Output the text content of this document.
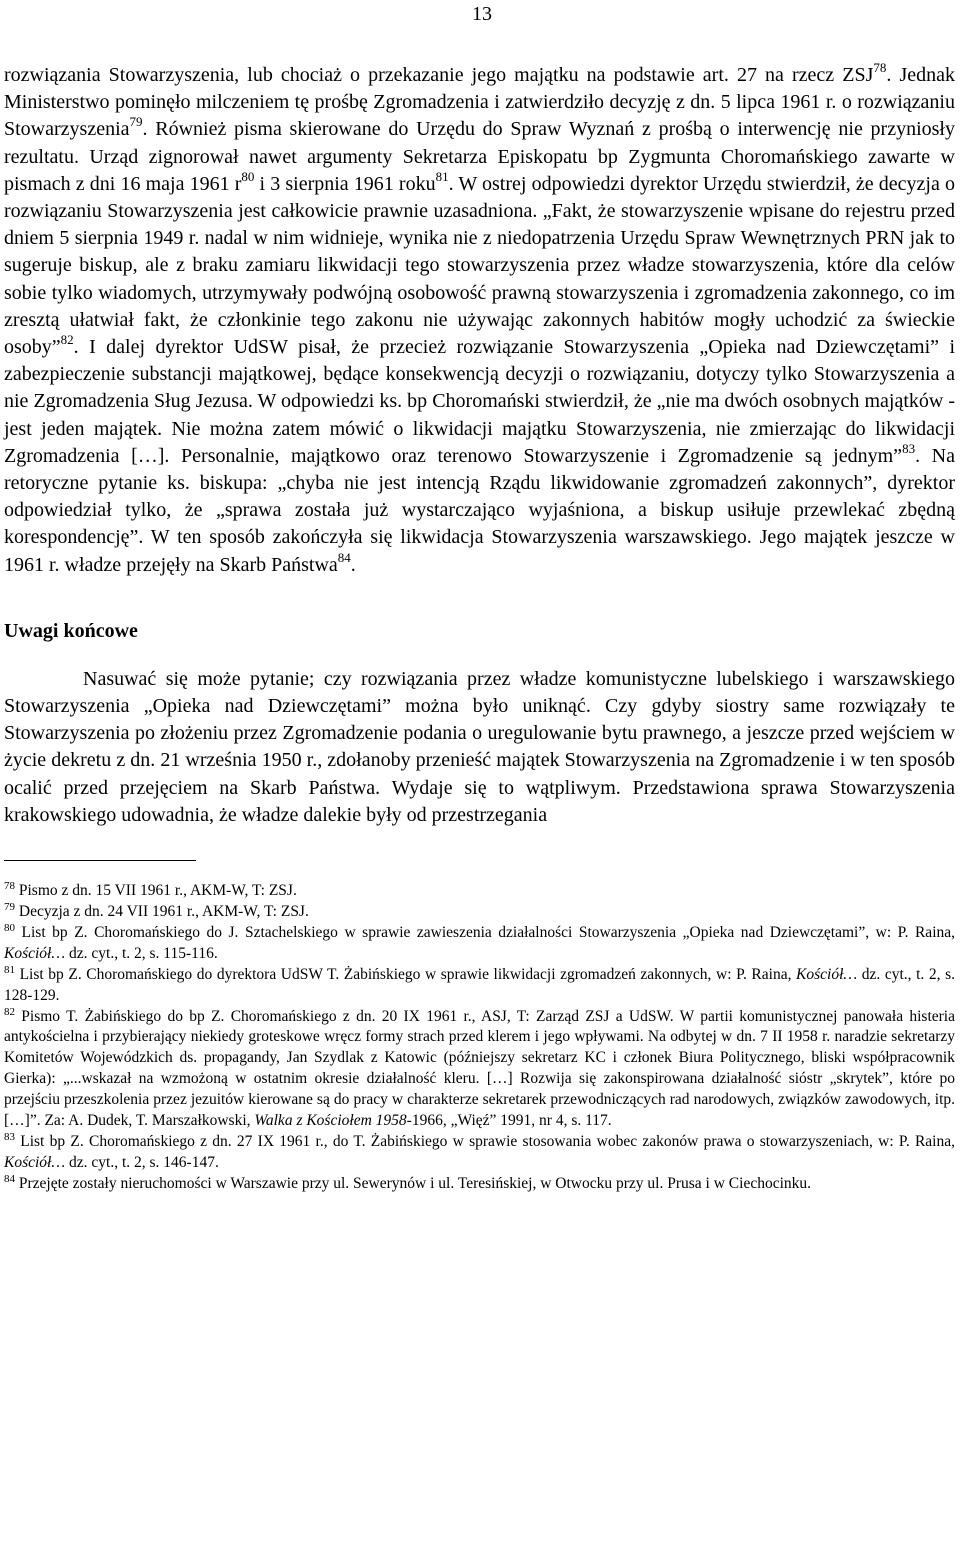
13

rozwiązania Stowarzyszenia, lub chociaż o przekazanie jego majątku na podstawie art. 27 na rzecz ZSJ$^{78}$. Jednak Ministerstwo pominęło milczeniem tę prośbę Zgromadzenia i zatwierdziło decyzję z dn. 5 lipca 1961 r. o rozwiązaniu Stowarzyszenia$^{79}$. Również pisma skierowane do Urzędu do Spraw Wyznań z prośbą o interwencję nie przyniosły rezultatu. Urząd zignorował nawet argumenty Sekretarza Episkopatu bp Zygmunta Choromańskiego zawarte w pismach z dni 16 maja 1961 $r^{80}$ i 3 sierpnia 1961 roku$^{81}$. W ostrej odpowiedzi dyrektor Urzędu stwierdził, że decyzja o rozwiązaniu Stowarzyszenia jest całkowicie prawnie uzasadniona. „Fakt, że stowarzyszenie wpisane do rejestru przed dniem 5 sierpnia 1949 r. nadal w nim widnieje, wynika nie z niedopatrzenia Urzędu Spraw Wewnętrznych PRN jak to sugeruje biskup, ale z braku zamiaru likwidacji tego stowarzyszenia przez władze stowarzyszenia, które dla celów sobie tylko wiadomych, utrzymywały podwójną osobowość prawną stowarzyszenia i zgromadzenia zakonnego, co im zresztą ułatwiał fakt, że członkinie tego zakonu nie używając zakonnych habitów mogły uchodzić za świeckie osoby”$^{82}$. I dalej dyrektor UdSW pisał, że przecież rozwiązanie Stowarzyszenia „Opieka nad Dziewczętami” i zabezpieczenie substancji majątkowej, będące konsekwencją decyzji o rozwiązaniu, dotyczy tylko Stowarzyszenia a nie Zgromadzenia Sług Jezusa. W odpowiedzi ks. bp Choromański stwierdził, że „nie ma dwóch osobnych majątków - jest jeden majątek. Nie można zatem mówić o likwidacji majątku Stowarzyszenia, nie zmierzając do likwidacji Zgromadzenia […]. Personalnie, majątkowo oraz terenowo Stowarzyszenie i Zgromadzenie są jednym”$^{83}$. Na retoryczne pytanie ks. biskupa: „chyba nie jest intencją Rządu likwidowanie zgromadzeń zakonnych”, dyrektor odpowiedział tylko, że „sprawa została już wystarczająco wyjaśniona, a biskup usiłuje przewlekać zbędną korespondencję”. W ten sposób zakończyła się likwidacja Stowarzyszenia warszawskiego. Jego majątek jeszcze w 1961 r. władze przejęły na Skarb Państwa$^{84}$.

Uwagi końcowe

Nasuwać się może pytanie; czy rozwiązania przez władze komunistyczne lubelskiego i warszawskiego Stowarzyszenia „Opieka nad Dziewczętami” można było uniknąć. Czy gdyby siostry same rozwiązały te Stowarzyszenia po złożeniu przez Zgromadzenie podania o uregulowanie bytu prawnego, a jeszcze przed wejściem w życie dekretu z dn. 21 września 1950 r., zdołanoby przenieść majątek Stowarzyszenia na Zgromadzenie i w ten sposób ocalić przed przejęciem na Skarb Państwa. Wydaje się to wątpliwym. Przedstawiona sprawa Stowarzyszenia krakowskiego udowadnia, że władze dalekie były od przestrzegania

$^{78}$ Pismo z dn. 15 VII 1961 r., AKM-W, T: ZSJ.

$^{79}$ Decyzja z dn. 24 VII 1961 r., AKM-W, T: ZSJ.

$^{80}$ List bp Z. Choromańskiego do J. Sztachelskiego w sprawie zawieszenia działalności Stowarzyszenia „Opieka nad Dziewczętami”, w: P. Raina, Kościół… dz. cyt., t. 2, s. 115-116.

$^{81}$ List bp Z. Choromańskiego do dyrektora UdSW T. Żabińskiego w sprawie likwidacji zgromadzeń zakonnych, w: P. Raina, Kościół… dz. cyt., t. 2, s. 128-129.

$^{82}$ Pismo T. Żabińskiego do bp Z. Choromańskiego z dn. 20 IX 1961 r., ASJ, T: Zarząd ZSJ a UdSW. W partii komunistycznej panowała histeria antykościelna i przybierający niekiedy groteskowe wręcz formy strach przed klerem i jego wpływami. Na odbytej w dn. 7 II 1958 r. naradzie sekretarzy Komitetów Wojewódzkich ds. propagandy, Jan Szydlak z Katowic (późniejszy sekretarz KC i członek Biura Politycznego, bliski współpracownik Gierka): „...wskazał na wzmożoną w ostatnim okresie działalność kleru. […] Rozwija się zakonspirowana działalność sióstr „skrytek”, które po przejściu przeszkolenia przez jezuitów kierowane są do pracy w charakterze sekretarek przewodniczących rad narodowych, związków zawodowych, itp. […]”. Za: A. Dudek, T. Marszałkowski, Walka z Kościołem 1958-1966, „Więź” 1991, nr 4, s. 117.

$^{83}$ List bp Z. Choromańskiego z dn. 27 IX 1961 r., do T. Żabińskiego w sprawie stosowania wobec zakonów prawa o stowarzyszeniach, w: P. Raina, Kościół… dz. cyt., t. 2, s. 146-147.

$^{84}$ Przejęte zostały nieruchomości w Warszawie przy ul. Sewerynów i ul. Teresińskiej, w Otwocku przy ul. Prusa i w Ciechocinku.
